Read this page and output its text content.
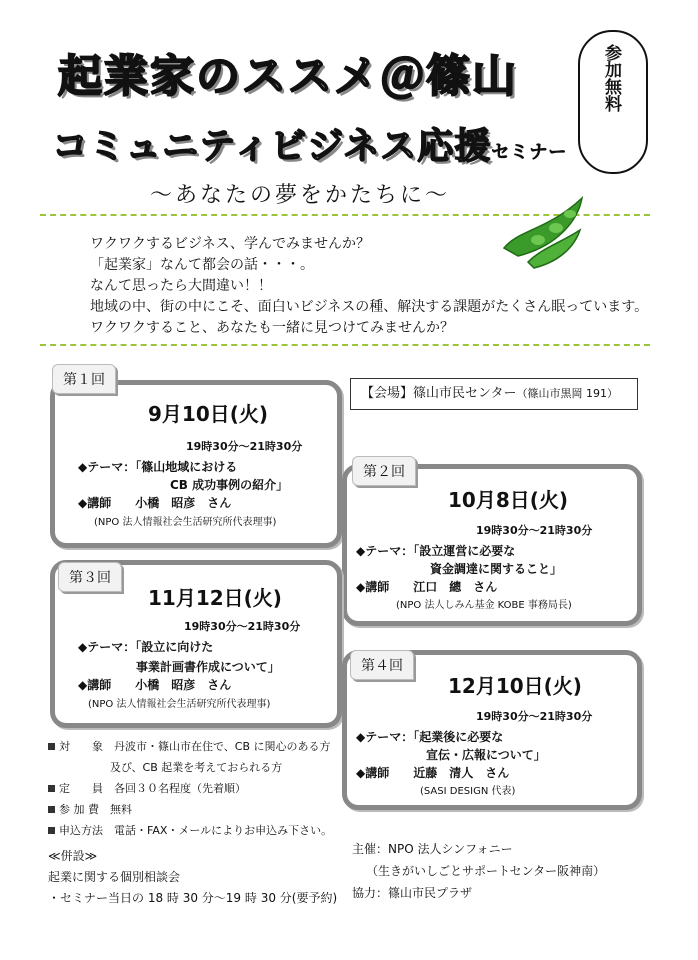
起業家のススメ＠篠山
コミュニティビジネス応援セミナー
参加無料
～あなたの夢をかたちに～
ワクワクするビジネス、学んでみませんか？
「起業家」なんて都会の話・・・。
なんて思ったら大間違い！！
地域の中、街の中にこそ、面白いビジネスの種、解決する課題がたくさん眠っています。
ワクワクすること、あなたも一緒に見つけてみませんか？
【会場】篠山市民センター（篠山市黒岡 191）
第１回
9月10日(火)
19時30分～21時30分
◆テーマ：「篠山地域における
CB 成功事例の紹介」
◆講師　　小橋　昭彦　さん
(NPO 法人情報社会生活研究所代表理事)
第２回
10月8日(火)
19時30分～21時30分
◆テーマ：「設立運営に必要な
資金調達に関すること」
◆講師　　江口　總　さん
(NPO 法人しみん基金 KOBE 事務局長)
第３回
11月12日(火)
19時30分～21時30分
◆テーマ：「設立に向けた
事業計画書作成について」
◆講師　　小橋　昭彦　さん
(NPO 法人情報社会生活研究所代表理事)
第４回
12月10日(火)
19時30分～21時30分
◆テーマ：「起業後に必要な
宣伝・広報について」
◆講師　　近藤　清人　さん
(SASI DESIGN 代表)
対　　象　 丹波市・篠山市在住で、CB に関心のある方
及び、CB 起業を考えておられる方
定　　員　 各回３０名程度（先着順）
参 加 費　 無料
申込方法　 電話・FAX・メールによりお申込み下さい。
≪併設≫
起業に関する個別相談会
・セミナー当日の 18 時 30 分～19 時 30 分(要予約)
主催：NPO 法人シンフォニー
（生きがいしごとサポートセンター阪神南）
協力：篠山市民プラザ
